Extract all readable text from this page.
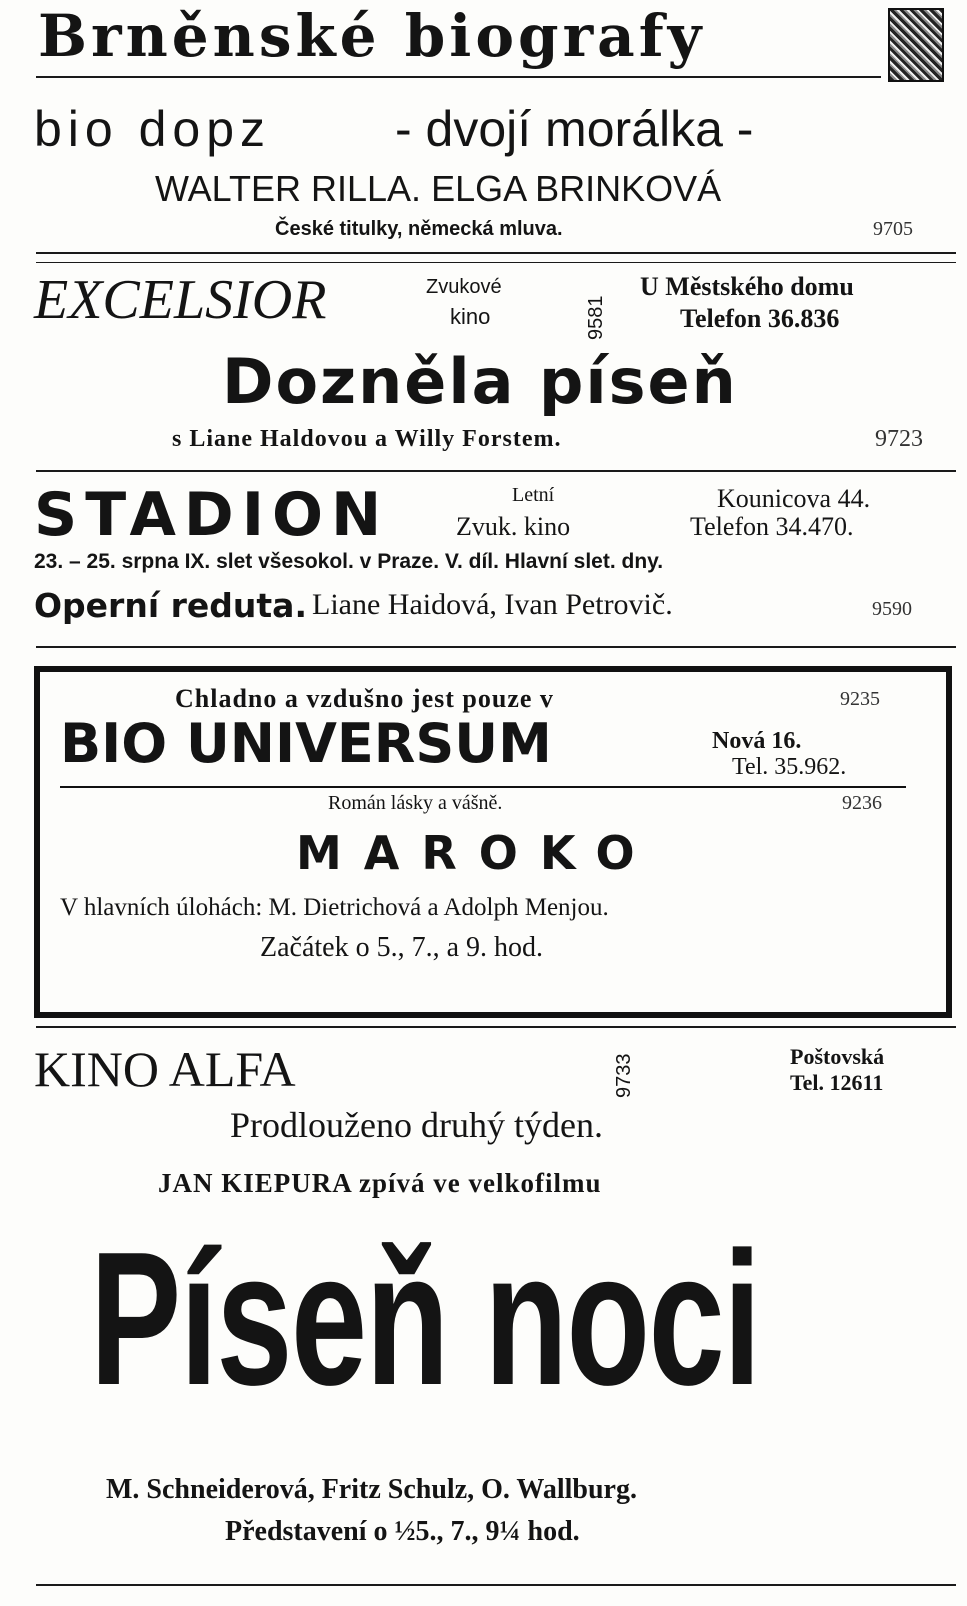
Brněnské biografy
bio dopz - dvojí morálka -
WALTER RILLA. ELGA BRINKOVÁ
České titulky, německá mluva.	9705
EXCELSIOR	Zvukové
kino	9581
U Městského domu
Telefon 36.836
Dozněla píseň
s Liane Haldovou a Willy Forstem.	9723
STADION	Letní
Zvuk. kino
Kounicova 44.
Telefon 34.470.
23. – 25. srpna IX. slet všesokol. v Praze. V. díl. Hlavní slet. dny.
Operní reduta. Liane Haidová, Ivan Petrovič.	9590
Chladno a vzdušno jest pouze v	9235
BIO UNIVERSUM	Nová 16.
Tel. 35.962.
Román lásky a vášně.	9236
MAROKO
V hlavních úlohách: M. Dietrichová a Adolph Menjou.
Začátek o 5., 7., a 9. hod.
KINO ALFA	9733	Poštovská
Tel. 12611
Prodlouženo druhý týden.
JAN KIEPURA zpívá ve velkofilmu
Píseň noci
M. Schneiderová, Fritz Schulz, O. Wallburg.
Představení o ½5., 7., 9¼ hod.
